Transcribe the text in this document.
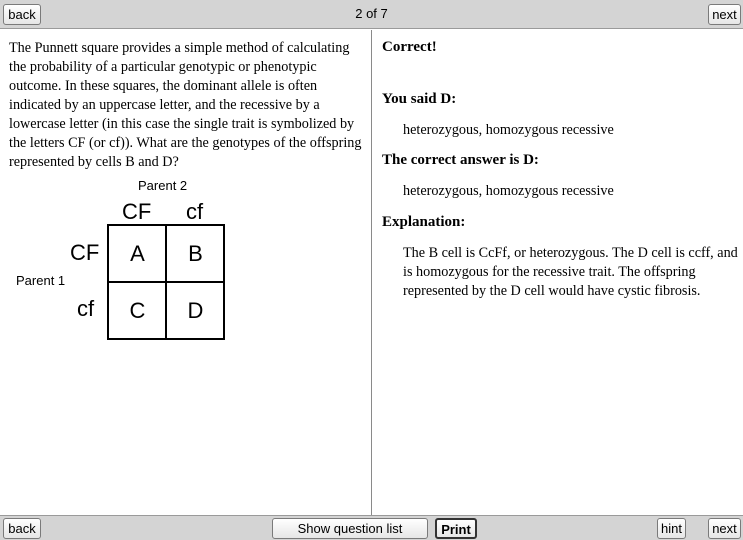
2 of 7
back	next
The Punnett square provides a simple method of calculating the probability of a particular genotypic or phenotypic outcome. In these squares, the dominant allele is often indicated by an uppercase letter, and the recessive by a lowercase letter (in this case the single trait is symbolized by the letters CF (or cf)). What are the genotypes of the offspring represented by cells B and D?
Parent 2
CF cf
CF
cf
Parent 1
A	B
C	D
Correct!
You said D:
heterozygous, homozygous recessive
The correct answer is D:
heterozygous, homozygous recessive
Explanation:
The B cell is CcFf, or heterozygous. The D cell is ccff, and is homozygous for the recessive trait. The offspring represented by the D cell would have cystic fibrosis.
back	Show question list	Print	hint	next
